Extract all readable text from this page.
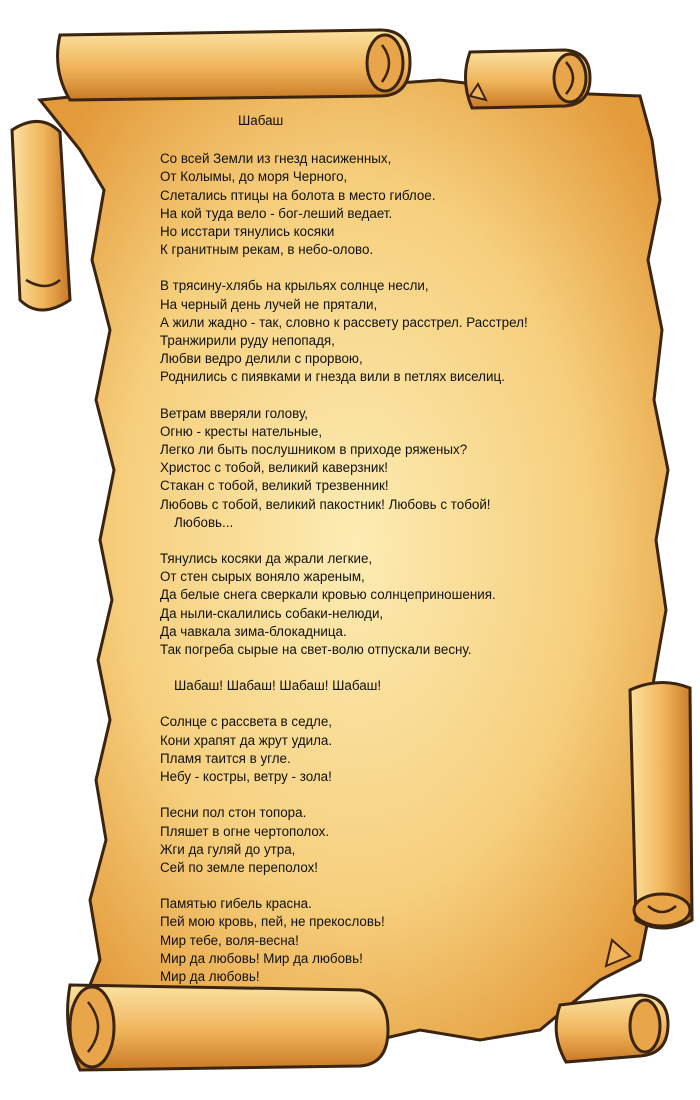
Шабаш
Со всей Земли из гнезд насиженных,
От Колымы, до моря Черного,
Слетались птицы на болота в место гиблое.
На кой туда вело - бог-леший ведает.
Но исстари тянулись косяки
К гранитным рекам, в небо-олово.
В трясину-хлябь на крыльях солнце несли,
На черный день лучей не прятали,
А жили жадно - так, словно к рассвету расстрел. Расстрел!
Транжирили руду непопадя,
Любви ведро делили с прорвою,
Роднились с пиявками и гнезда вили в петлях виселиц.
Ветрам вверяли голову,
Огню - кресты нательные,
Легко ли быть послушником в приходе ряженых?
Христос с тобой, великий каверзник!
Стакан с тобой, великий трезвенник!
Любовь с тобой, великий пакостник! Любовь с тобой!
Любовь...
Тянулись косяки да жрали легкие,
От стен сырых воняло жареным,
Да белые снега сверкали кровью солнцеприношения.
Да ныли-скалились собаки-нелюди,
Да чавкала зима-блокадница.
Так погреба сырые на свет-волю отпускали весну.
Шабаш! Шабаш! Шабаш! Шабаш!
Солнце с рассвета в седле,
Кони храпят да жрут удила.
Пламя таится в угле.
Небу - костры, ветру - зола!
Песни пол стон топора.
Пляшет в огне чертополох.
Жги да гуляй до утра,
Сей по земле переполох!
Памятью гибель красна.
Пей мою кровь, пей, не прекословь!
Мир тебе, воля-весна!
Мир да любовь! Мир да любовь!
Мир да любовь!
